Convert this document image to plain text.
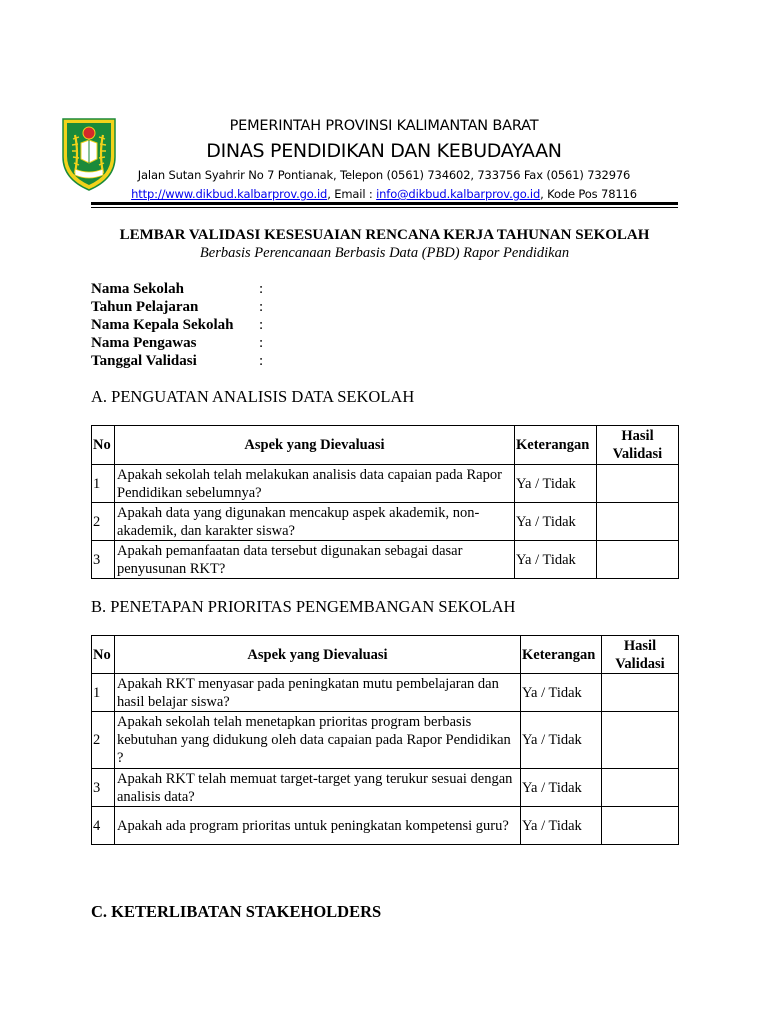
PEMERINTAH PROVINSI KALIMANTAN BARAT
DINAS PENDIDIKAN DAN KEBUDAYAAN
Jalan Sutan Syahrir No 7 Pontianak, Telepon (0561) 734602, 733756 Fax (0561) 732976
http://www.dikbud.kalbarprov.go.id, Email : info@dikbud.kalbarprov.go.id, Kode Pos 78116
LEMBAR VALIDASI KESESUAIAN RENCANA KERJA TAHUNAN SEKOLAH
Berbasis Perencanaan Berbasis Data (PBD) Rapor Pendidikan
Nama Sekolah	:
Tahun Pelajaran	:
Nama Kepala Sekolah :
Nama Pengawas	:
Tanggal Validasi	:
A. PENGUATAN ANALISIS DATA SEKOLAH
No	Aspek yang Dievaluasi	Keterangan	Hasil
Validasi
1	Apakah sekolah telah melakukan analisis data capaian pada Rapor Pendidikan sebelumnya?	Ya / Tidak	
2	Apakah data yang digunakan mencakup aspek akademik, non-akademik, dan karakter siswa?	Ya / Tidak	
3	Apakah pemanfaatan data tersebut digunakan sebagai dasar penyusunan RKT?	Ya / Tidak	
B. PENETAPAN PRIORITAS PENGEMBANGAN SEKOLAH
No	Aspek yang Dievaluasi	Keterangan	Hasil
Validasi
1	Apakah RKT menyasar pada peningkatan mutu pembelajaran dan hasil belajar siswa?	Ya / Tidak	
2	Apakah sekolah telah menetapkan prioritas program berbasis kebutuhan yang didukung oleh data capaian pada Rapor Pendidikan ?	Ya / Tidak	
3	Apakah RKT telah memuat target-target yang terukur sesuai dengan analisis data?	Ya / Tidak	
4	Apakah ada program prioritas untuk peningkatan kompetensi guru?	Ya / Tidak	
C. KETERLIBATAN STAKEHOLDERS
